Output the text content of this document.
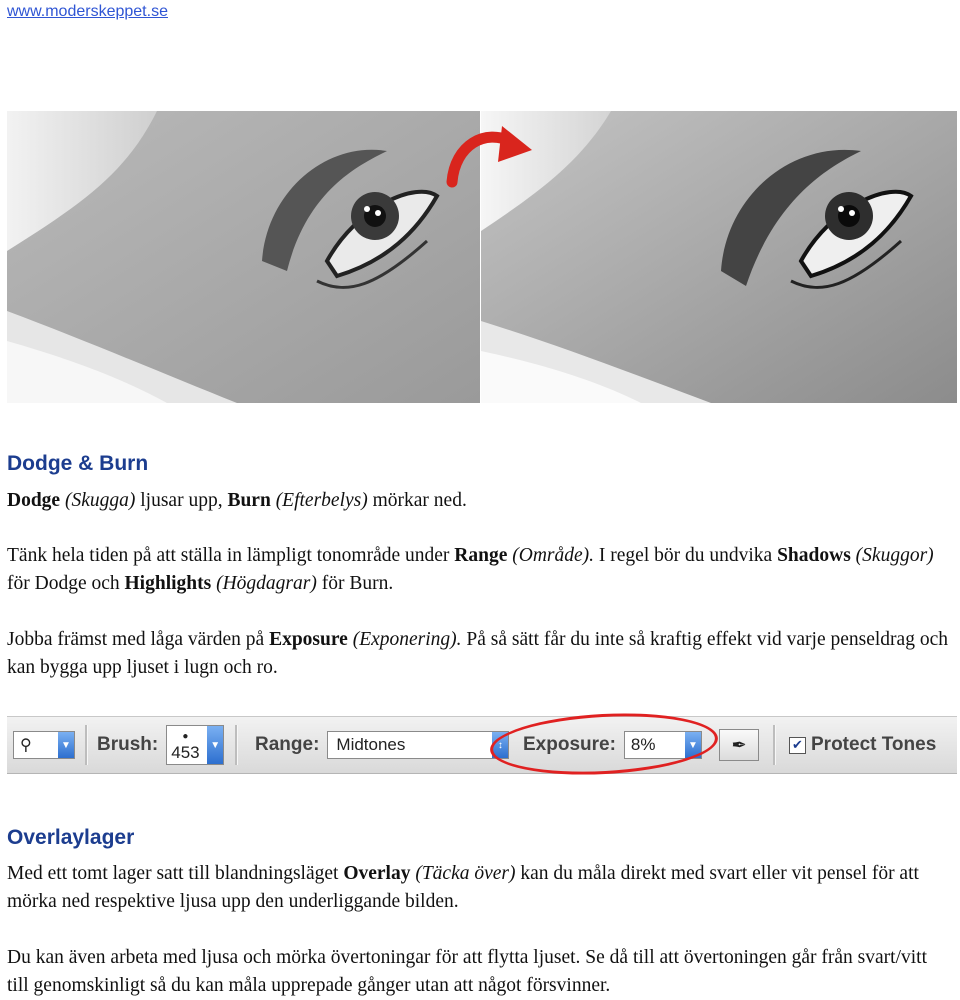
www.moderskeppet.se
Dodge & Burn

Dodge (Skugga) ljusar upp, Burn (Efterbelys) mörkar ned.

Tänk hela tiden på att ställa in lämpligt tonområde under Range (Område). I regel bör du undvika Shadows (Skuggor) för Dodge och Highlights (Högdagrar) för Burn.

Jobba främst med låga värden på Exposure (Exponering). På så sätt får du inte så kraftig effekt vid varje penseldrag och kan bygga upp ljuset i lugn och ro.

⚲	▼ Brush: ●
453	▼ Range: Midtones	↕ Exposure: 8%	▼ ✒	✔ Protect Tones
Overlaylager

Med ett tomt lager satt till blandningsläget Overlay (Täcka över) kan du måla direkt med svart eller vit pensel för att mörka ned respektive ljusa upp den underliggande bilden.

Du kan även arbeta med ljusa och mörka övertoningar för att flytta ljuset. Se då till att övertoningen går från svart/vitt till genomskinligt så du kan måla upprepade gånger utan att något försvinner.
